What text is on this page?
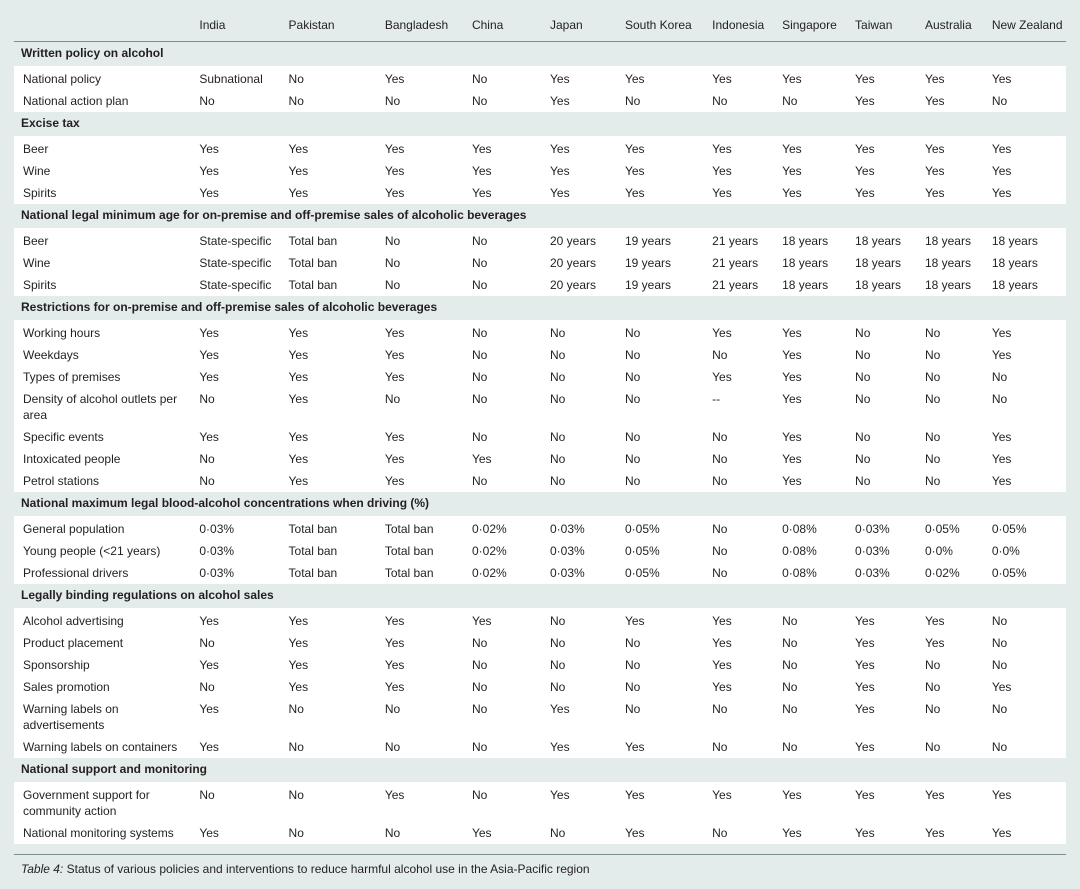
	India	Pakistan	Bangladesh	China	Japan	South Korea	Indonesia	Singapore	Taiwan	Australia	New Zealand
Written policy on alcohol											
National policy	Subnational	No	Yes	No	Yes	Yes	Yes	Yes	Yes	Yes	Yes
National action plan	No	No	No	No	Yes	No	No	No	Yes	Yes	No
Excise tax											
Beer	Yes	Yes	Yes	Yes	Yes	Yes	Yes	Yes	Yes	Yes	Yes
Wine	Yes	Yes	Yes	Yes	Yes	Yes	Yes	Yes	Yes	Yes	Yes
Spirits	Yes	Yes	Yes	Yes	Yes	Yes	Yes	Yes	Yes	Yes	Yes
National legal minimum age for on-premise and off-premise sales of alcoholic beverages											
Beer	State-specific	Total ban	No	No	20 years	19 years	21 years	18 years	18 years	18 years	18 years
Wine	State-specific	Total ban	No	No	20 years	19 years	21 years	18 years	18 years	18 years	18 years
Spirits	State-specific	Total ban	No	No	20 years	19 years	21 years	18 years	18 years	18 years	18 years
Restrictions for on-premise and off-premise sales of alcoholic beverages											
Working hours	Yes	Yes	Yes	No	No	No	Yes	Yes	No	No	Yes
Weekdays	Yes	Yes	Yes	No	No	No	No	Yes	No	No	Yes
Types of premises	Yes	Yes	Yes	No	No	No	Yes	Yes	No	No	No
Density of alcohol outlets per area	No	Yes	No	No	No	No	--	Yes	No	No	No
Specific events	Yes	Yes	Yes	No	No	No	No	Yes	No	No	Yes
Intoxicated people	No	Yes	Yes	Yes	No	No	No	Yes	No	No	Yes
Petrol stations	No	Yes	Yes	No	No	No	No	Yes	No	No	Yes
National maximum legal blood-alcohol concentrations when driving (%)											
General population	0·03%	Total ban	Total ban	0·02%	0·03%	0·05%	No	0·08%	0·03%	0·05%	0·05%
Young people (<21 years)	0·03%	Total ban	Total ban	0·02%	0·03%	0·05%	No	0·08%	0·03%	0·0%	0·0%
Professional drivers	0·03%	Total ban	Total ban	0·02%	0·03%	0·05%	No	0·08%	0·03%	0·02%	0·05%
Legally binding regulations on alcohol sales											
Alcohol advertising	Yes	Yes	Yes	Yes	No	Yes	Yes	No	Yes	Yes	No
Product placement	No	Yes	Yes	No	No	No	Yes	No	Yes	Yes	No
Sponsorship	Yes	Yes	Yes	No	No	No	Yes	No	Yes	No	No
Sales promotion	No	Yes	Yes	No	No	No	Yes	No	Yes	No	Yes
Warning labels on advertisements	Yes	No	No	No	Yes	No	No	No	Yes	No	No
Warning labels on containers	Yes	No	No	No	Yes	Yes	No	No	Yes	No	No
National support and monitoring											
Government support for community action	No	No	Yes	No	Yes	Yes	Yes	Yes	Yes	Yes	Yes
National monitoring systems	Yes	No	No	Yes	No	Yes	No	Yes	Yes	Yes	Yes
Table 4: Status of various policies and interventions to reduce harmful alcohol use in the Asia-Pacific region
